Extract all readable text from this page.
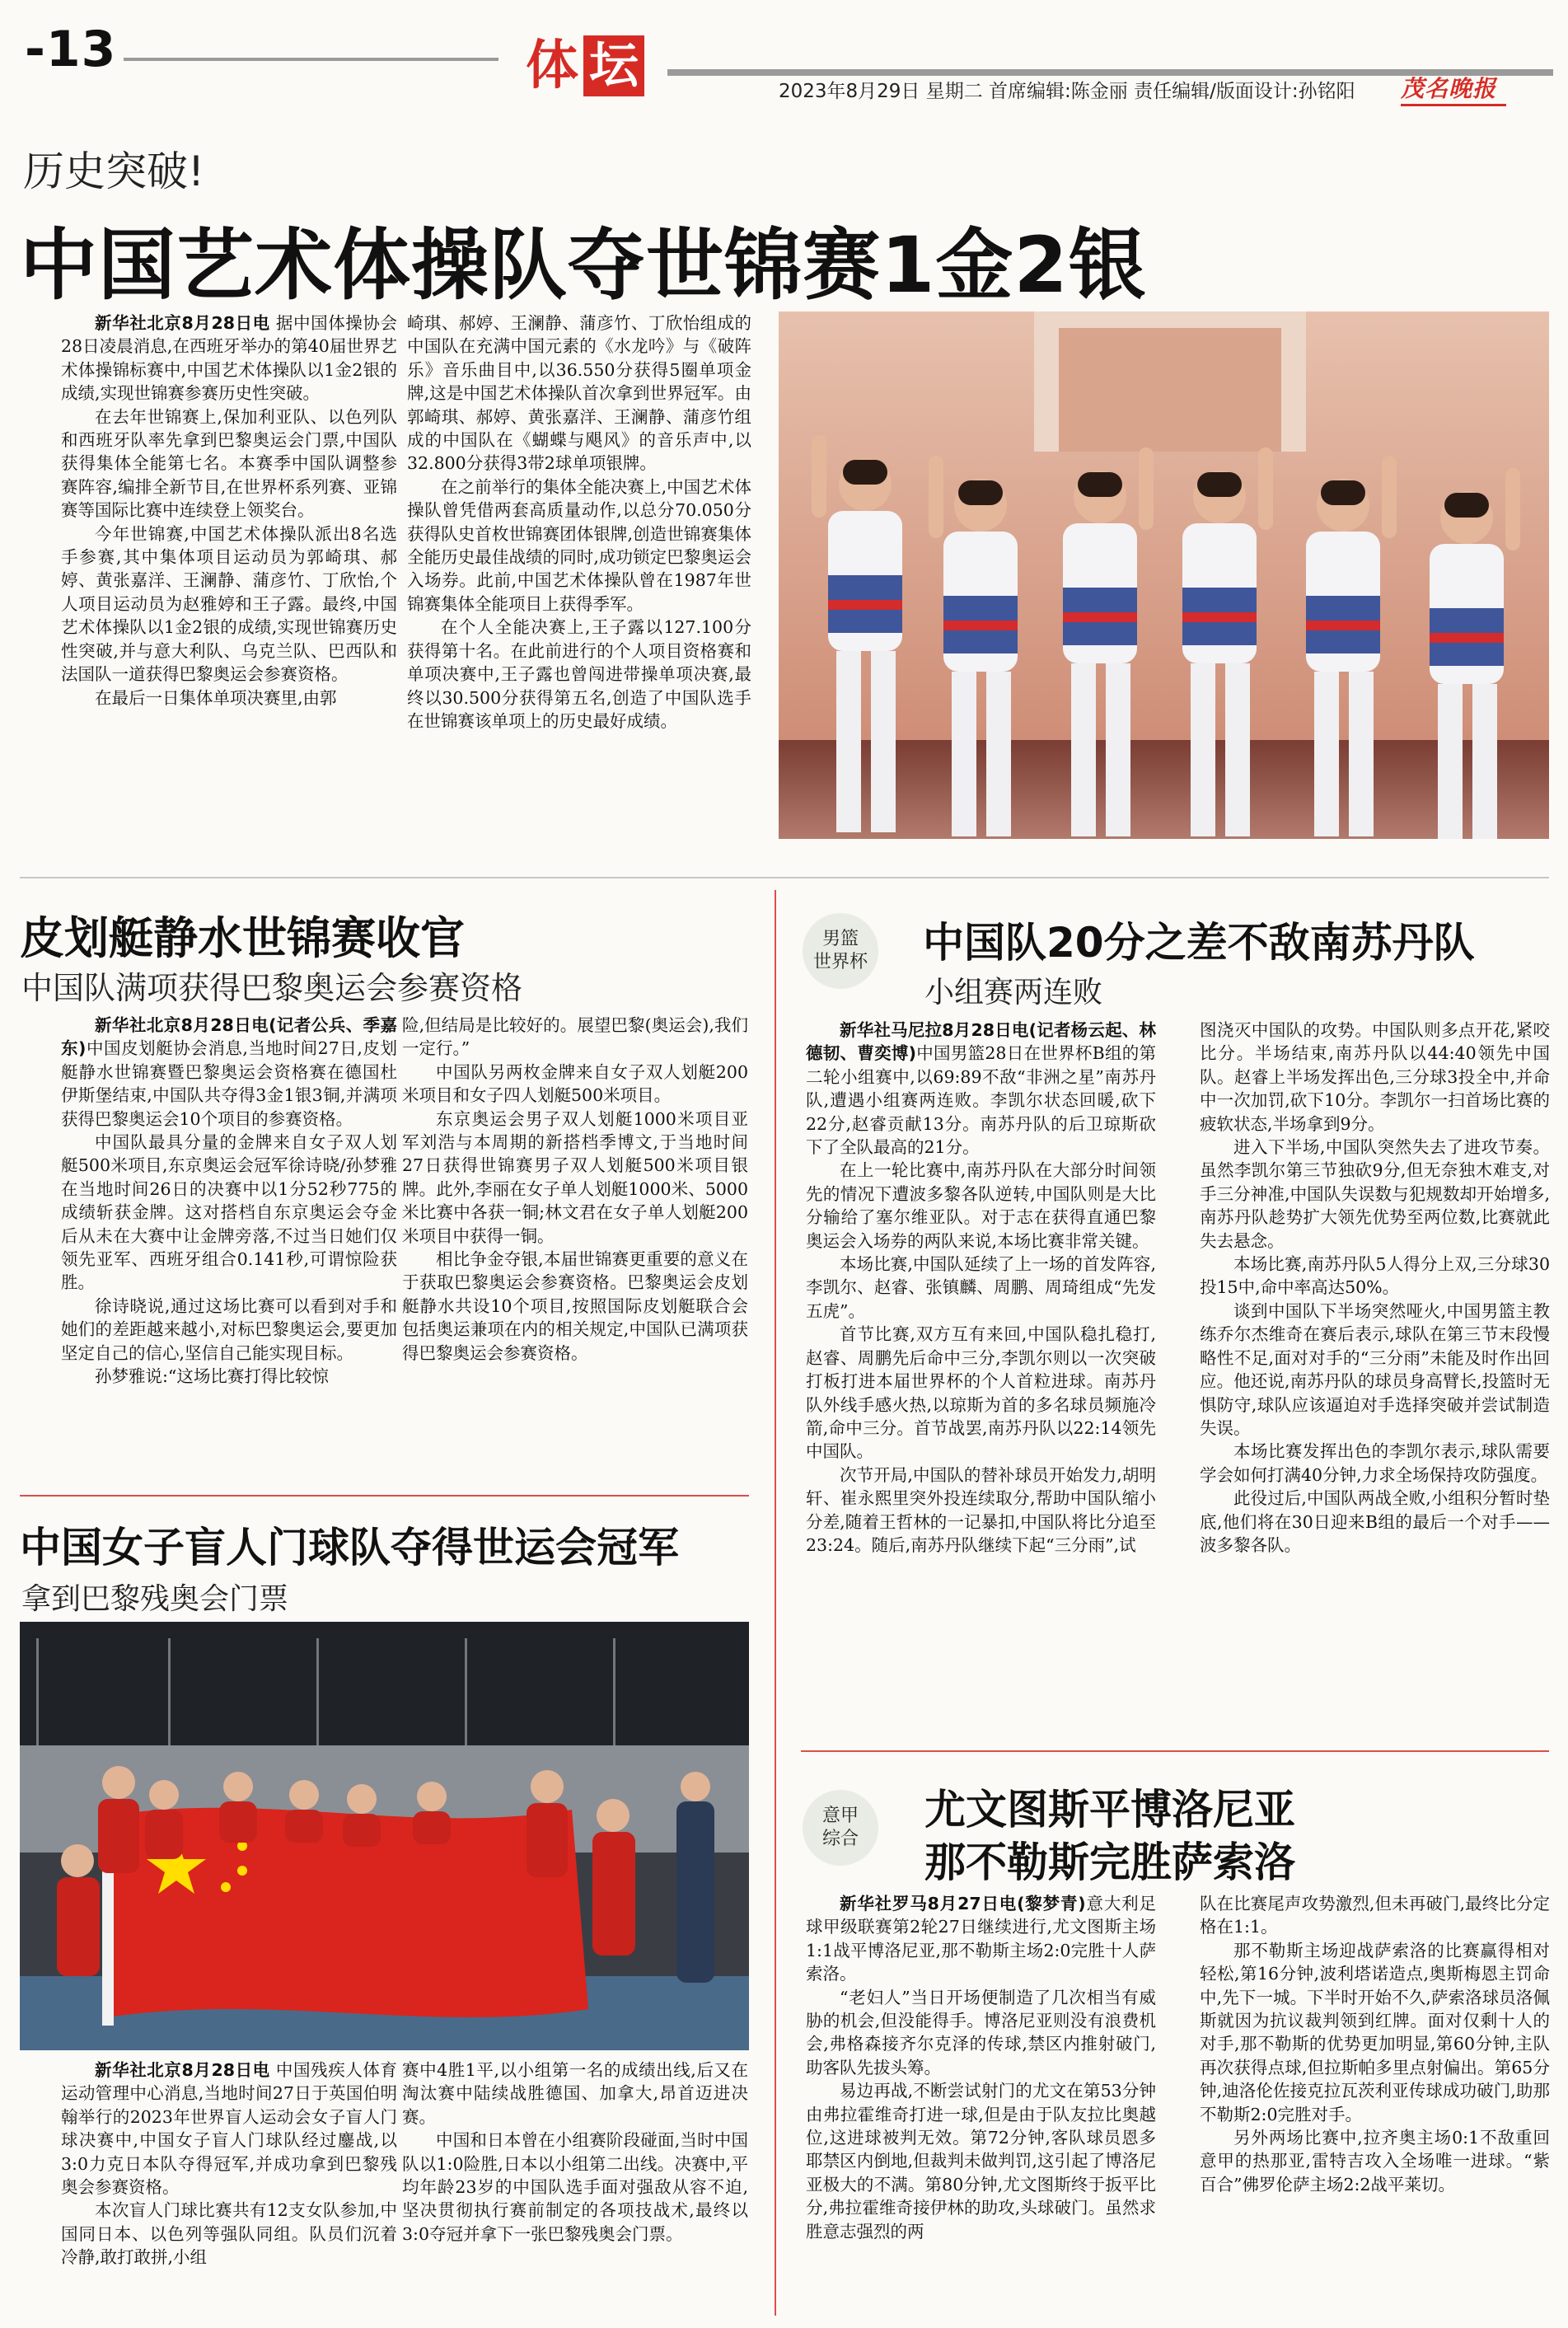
-13	体 坛	2023年8月29日 星期二 首席编辑:陈金丽 责任编辑/版面设计:孙铭阳 茂名晚报
历史突破!
中国艺术体操队夺世锦赛1金2银

新华社北京8月28日电 据中国体操协会28日凌晨消息,在西班牙举办的第40届世界艺术体操锦标赛中,中国艺术体操队以1金2银的成绩,实现世锦赛参赛历史性突破。

在去年世锦赛上,保加利亚队、以色列队和西班牙队率先拿到巴黎奥运会门票,中国队获得集体全能第七名。本赛季中国队调整参赛阵容,编排全新节目,在世界杯系列赛、亚锦赛等国际比赛中连续登上领奖台。

今年世锦赛,中国艺术体操队派出8名选手参赛,其中集体项目运动员为郭崎琪、郝婷、黄张嘉洋、王澜静、蒲彦竹、丁欣怡,个人项目运动员为赵雅婷和王子露。最终,中国艺术体操队以1金2银的成绩,实现世锦赛历史性突破,并与意大利队、乌克兰队、巴西队和法国队一道获得巴黎奥运会参赛资格。

在最后一日集体单项决赛里,由郭

崎琪、郝婷、王澜静、蒲彦竹、丁欣怡组成的中国队在充满中国元素的《水龙吟》与《破阵乐》音乐曲目中,以36.550分获得5圈单项金牌,这是中国艺术体操队首次拿到世界冠军。由郭崎琪、郝婷、黄张嘉洋、王澜静、蒲彦竹组成的中国队在《蝴蝶与飓风》的音乐声中,以32.800分获得3带2球单项银牌。

在之前举行的集体全能决赛上,中国艺术体操队曾凭借两套高质量动作,以总分70.050分获得队史首枚世锦赛团体银牌,创造世锦赛集体全能历史最佳战绩的同时,成功锁定巴黎奥运会入场券。此前,中国艺术体操队曾在1987年世锦赛集体全能项目上获得季军。

在个人全能决赛上,王子露以127.100分获得第十名。在此前进行的个人项目资格赛和单项决赛中,王子露也曾闯进带操单项决赛,最终以30.500分获得第五名,创造了中国队选手在世锦赛该单项上的历史最好成绩。

皮划艇静水世锦赛收官
中国队满项获得巴黎奥运会参赛资格

新华社北京8月28日电(记者公兵、季嘉东)中国皮划艇协会消息,当地时间27日,皮划艇静水世锦赛暨巴黎奥运会资格赛在德国杜伊斯堡结束,中国队共夺得3金1银3铜,并满项获得巴黎奥运会10个项目的参赛资格。

中国队最具分量的金牌来自女子双人划艇500米项目,东京奥运会冠军徐诗晓/孙梦雅在当地时间26日的决赛中以1分52秒775的成绩斩获金牌。这对搭档自东京奥运会夺金后从未在大赛中让金牌旁落,不过当日她们仅领先亚军、西班牙组合0.141秒,可谓惊险获胜。

徐诗晓说,通过这场比赛可以看到对手和她们的差距越来越小,对标巴黎奥运会,要更加坚定自己的信心,坚信自己能实现目标。

孙梦雅说:“这场比赛打得比较惊

险,但结局是比较好的。展望巴黎(奥运会),我们一定行。”

中国队另两枚金牌来自女子双人划艇200米项目和女子四人划艇500米项目。

东京奥运会男子双人划艇1000米项目亚军刘浩与本周期的新搭档季博文,于当地时间27日获得世锦赛男子双人划艇500米项目银牌。此外,李丽在女子单人划艇1000米、5000米比赛中各获一铜;林文君在女子单人划艇200米项目中获得一铜。

相比争金夺银,本届世锦赛更重要的意义在于获取巴黎奥运会参赛资格。巴黎奥运会皮划艇静水共设10个项目,按照国际皮划艇联合会包括奥运兼项在内的相关规定,中国队已满项获得巴黎奥运会参赛资格。

中国女子盲人门球队夺得世运会冠军
拿到巴黎残奥会门票

新华社北京8月28日电 中国残疾人体育运动管理中心消息,当地时间27日于英国伯明翰举行的2023年世界盲人运动会女子盲人门球决赛中,中国女子盲人门球队经过鏖战,以3:0力克日本队夺得冠军,并成功拿到巴黎残奥会参赛资格。

本次盲人门球比赛共有12支女队参加,中国同日本、以色列等强队同组。队员们沉着冷静,敢打敢拼,小组

赛中4胜1平,以小组第一名的成绩出线,后又在淘汰赛中陆续战胜德国、加拿大,昂首迈进决赛。

中国和日本曾在小组赛阶段碰面,当时中国队以1:0险胜,日本以小组第二出线。决赛中,平均年龄23岁的中国队选手面对强敌从容不迫,坚决贯彻执行赛前制定的各项技战术,最终以3:0夺冠并拿下一张巴黎残奥会门票。

男篮
世界杯 中国队20分之差不敌南苏丹队
小组赛两连败

新华社马尼拉8月28日电(记者杨云起、林德韧、曹奕博)中国男篮28日在世界杯B组的第二轮小组赛中,以69:89不敌“非洲之星”南苏丹队,遭遇小组赛两连败。李凯尔状态回暖,砍下22分,赵睿贡献13分。南苏丹队的后卫琼斯砍下了全队最高的21分。

在上一轮比赛中,南苏丹队在大部分时间领先的情况下遭波多黎各队逆转,中国队则是大比分输给了塞尔维亚队。对于志在获得直通巴黎奥运会入场券的两队来说,本场比赛非常关键。

本场比赛,中国队延续了上一场的首发阵容,李凯尔、赵睿、张镇麟、周鹏、周琦组成“先发五虎”。

首节比赛,双方互有来回,中国队稳扎稳打,赵睿、周鹏先后命中三分,李凯尔则以一次突破打板打进本届世界杯的个人首粒进球。南苏丹队外线手感火热,以琼斯为首的多名球员频施冷箭,命中三分。首节战罢,南苏丹队以22:14领先中国队。

次节开局,中国队的替补球员开始发力,胡明轩、崔永熙里突外投连续取分,帮助中国队缩小分差,随着王哲林的一记暴扣,中国队将比分追至23:24。随后,南苏丹队继续下起“三分雨”,试

图浇灭中国队的攻势。中国队则多点开花,紧咬比分。半场结束,南苏丹队以44:40领先中国队。赵睿上半场发挥出色,三分球3投全中,并命中一次加罚,砍下10分。李凯尔一扫首场比赛的疲软状态,半场拿到9分。

进入下半场,中国队突然失去了进攻节奏。虽然李凯尔第三节独砍9分,但无奈独木难支,对手三分神准,中国队失误数与犯规数却开始增多,南苏丹队趁势扩大领先优势至两位数,比赛就此失去悬念。

本场比赛,南苏丹队5人得分上双,三分球30投15中,命中率高达50%。

谈到中国队下半场突然哑火,中国男篮主教练乔尔杰维奇在赛后表示,球队在第三节末段慢略性不足,面对对手的“三分雨”未能及时作出回应。他还说,南苏丹队的球员身高臂长,投篮时无惧防守,球队应该逼迫对手选择突破并尝试制造失误。

本场比赛发挥出色的李凯尔表示,球队需要学会如何打满40分钟,力求全场保持攻防强度。

此役过后,中国队两战全败,小组积分暂时垫底,他们将在30日迎来B组的最后一个对手——波多黎各队。

意甲
综合
尤文图斯平博洛尼亚
那不勒斯完胜萨索洛

新华社罗马8月27日电(黎梦青)意大利足球甲级联赛第2轮27日继续进行,尤文图斯主场1:1战平博洛尼亚,那不勒斯主场2:0完胜十人萨索洛。

“老妇人”当日开场便制造了几次相当有威胁的机会,但没能得手。博洛尼亚则没有浪费机会,弗格森接齐尔克泽的传球,禁区内推射破门,助客队先拔头筹。

易边再战,不断尝试射门的尤文在第53分钟由弗拉霍维奇打进一球,但是由于队友拉比奥越位,这进球被判无效。第72分钟,客队球员恩多耶禁区内倒地,但裁判未做判罚,这引起了博洛尼亚极大的不满。第80分钟,尤文图斯终于扳平比分,弗拉霍维奇接伊林的助攻,头球破门。虽然求胜意志强烈的两

队在比赛尾声攻势激烈,但未再破门,最终比分定格在1:1。

那不勒斯主场迎战萨索洛的比赛赢得相对轻松,第16分钟,波利塔诺造点,奥斯梅恩主罚命中,先下一城。下半时开始不久,萨索洛球员洛佩斯就因为抗议裁判领到红牌。面对仅剩十人的对手,那不勒斯的优势更加明显,第60分钟,主队再次获得点球,但拉斯帕多里点射偏出。第65分钟,迪洛伦佐接克拉瓦茨利亚传球成功破门,助那不勒斯2:0完胜对手。

另外两场比赛中,拉齐奥主场0:1不敌重回意甲的热那亚,雷特吉攻入全场唯一进球。“紫百合”佛罗伦萨主场2:2战平莱切。
